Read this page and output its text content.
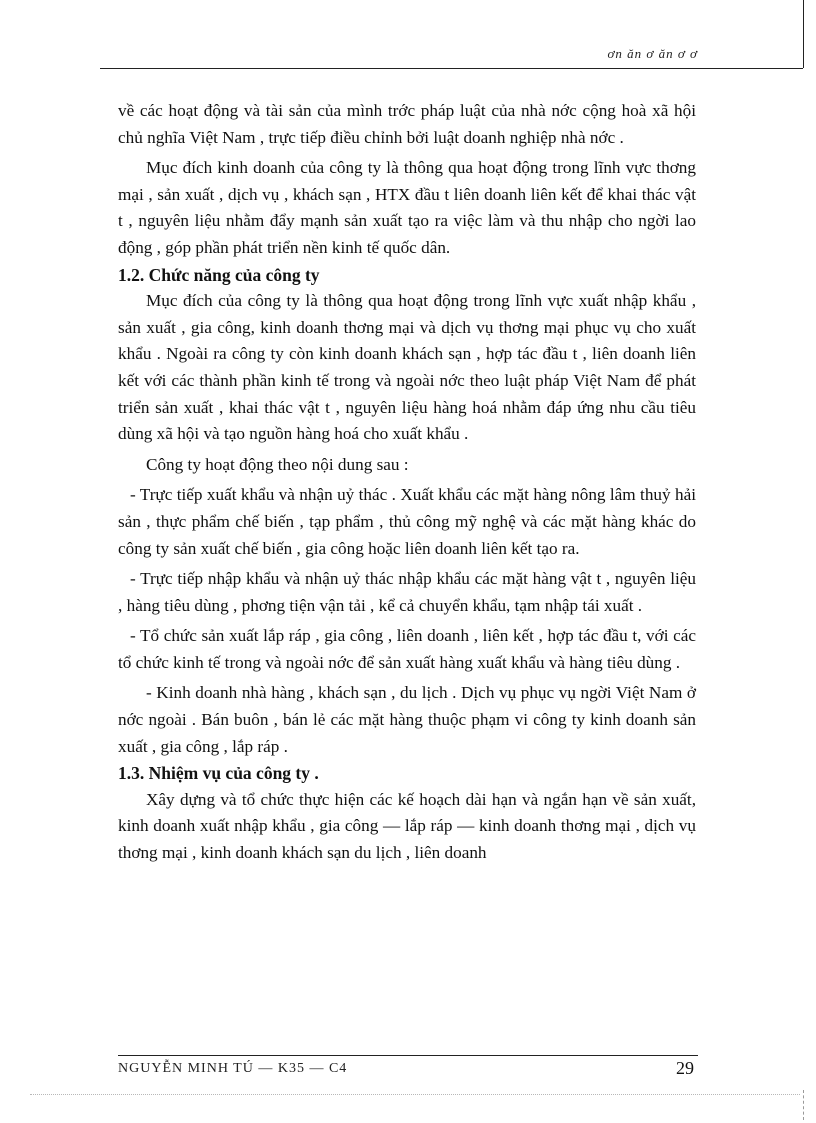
ơn ăn ơ ăn ơ ơ

về các hoạt động và tài sản của mình trớc pháp luật của nhà nớc cộng hoà xã hội chủ nghĩa Việt Nam , trực tiếp điều chỉnh bởi luật doanh nghiệp nhà nớc .

Mục đích kinh doanh của công ty là thông qua hoạt động trong lĩnh vực thơng mại , sản xuất , dịch vụ , khách sạn , HTX đầu t liên doanh liên kết để khai thác vật t , nguyên liệu nhằm đẩy mạnh sản xuất tạo ra việc làm và thu nhập cho ngời lao động , góp phần phát triển nền kinh tế quốc dân.

1.2. Chức năng của công ty

Mục đích của công ty là thông qua hoạt động trong lĩnh vực xuất nhập khẩu , sản xuất , gia công, kinh doanh thơng mại và dịch vụ thơng mại phục vụ cho xuất khẩu . Ngoài ra công ty còn kinh doanh khách sạn , hợp tác đầu t , liên doanh liên kết với các thành phần kinh tế trong và ngoài nớc theo luật pháp Việt Nam để phát triển sản xuất , khai thác vật t , nguyên liệu hàng hoá nhằm đáp ứng nhu cầu tiêu dùng xã hội và tạo nguồn hàng hoá cho xuất khẩu .

Công ty hoạt động theo nội dung sau :

- Trực tiếp xuất khẩu và nhận uỷ thác . Xuất khẩu các mặt hàng nông lâm thuỷ hải sản , thực phẩm chế biến , tạp phẩm , thủ công mỹ nghệ và các mặt hàng khác do công ty sản xuất chế biến , gia công hoặc liên doanh liên kết tạo ra.

- Trực tiếp nhập khẩu và nhận uỷ thác nhập khẩu các mặt hàng vật t , nguyên liệu , hàng tiêu dùng , phơng tiện vận tải , kể cả chuyển khẩu, tạm nhập tái xuất .

- Tổ chức sản xuất lắp ráp , gia công , liên doanh , liên kết , hợp tác đầu t, với các tổ chức kinh tế trong và ngoài nớc để sản xuất hàng xuất khẩu và hàng tiêu dùng .

- Kinh doanh nhà hàng , khách sạn , du lịch . Dịch vụ phục vụ ngời Việt Nam ở nớc ngoài . Bán buôn , bán lẻ các mặt hàng thuộc phạm vi công ty kinh doanh sản xuất , gia công , lắp ráp .

1.3. Nhiệm vụ của công ty .

Xây dựng và tổ chức thực hiện các kế hoạch dài hạn và ngắn hạn về sản xuất, kinh doanh xuất nhập khẩu , gia công — lắp ráp — kinh doanh thơng mại , dịch vụ thơng mại , kinh doanh khách sạn du lịch , liên doanh

NGUYỄN MINH TÚ — K35 — C4	29
